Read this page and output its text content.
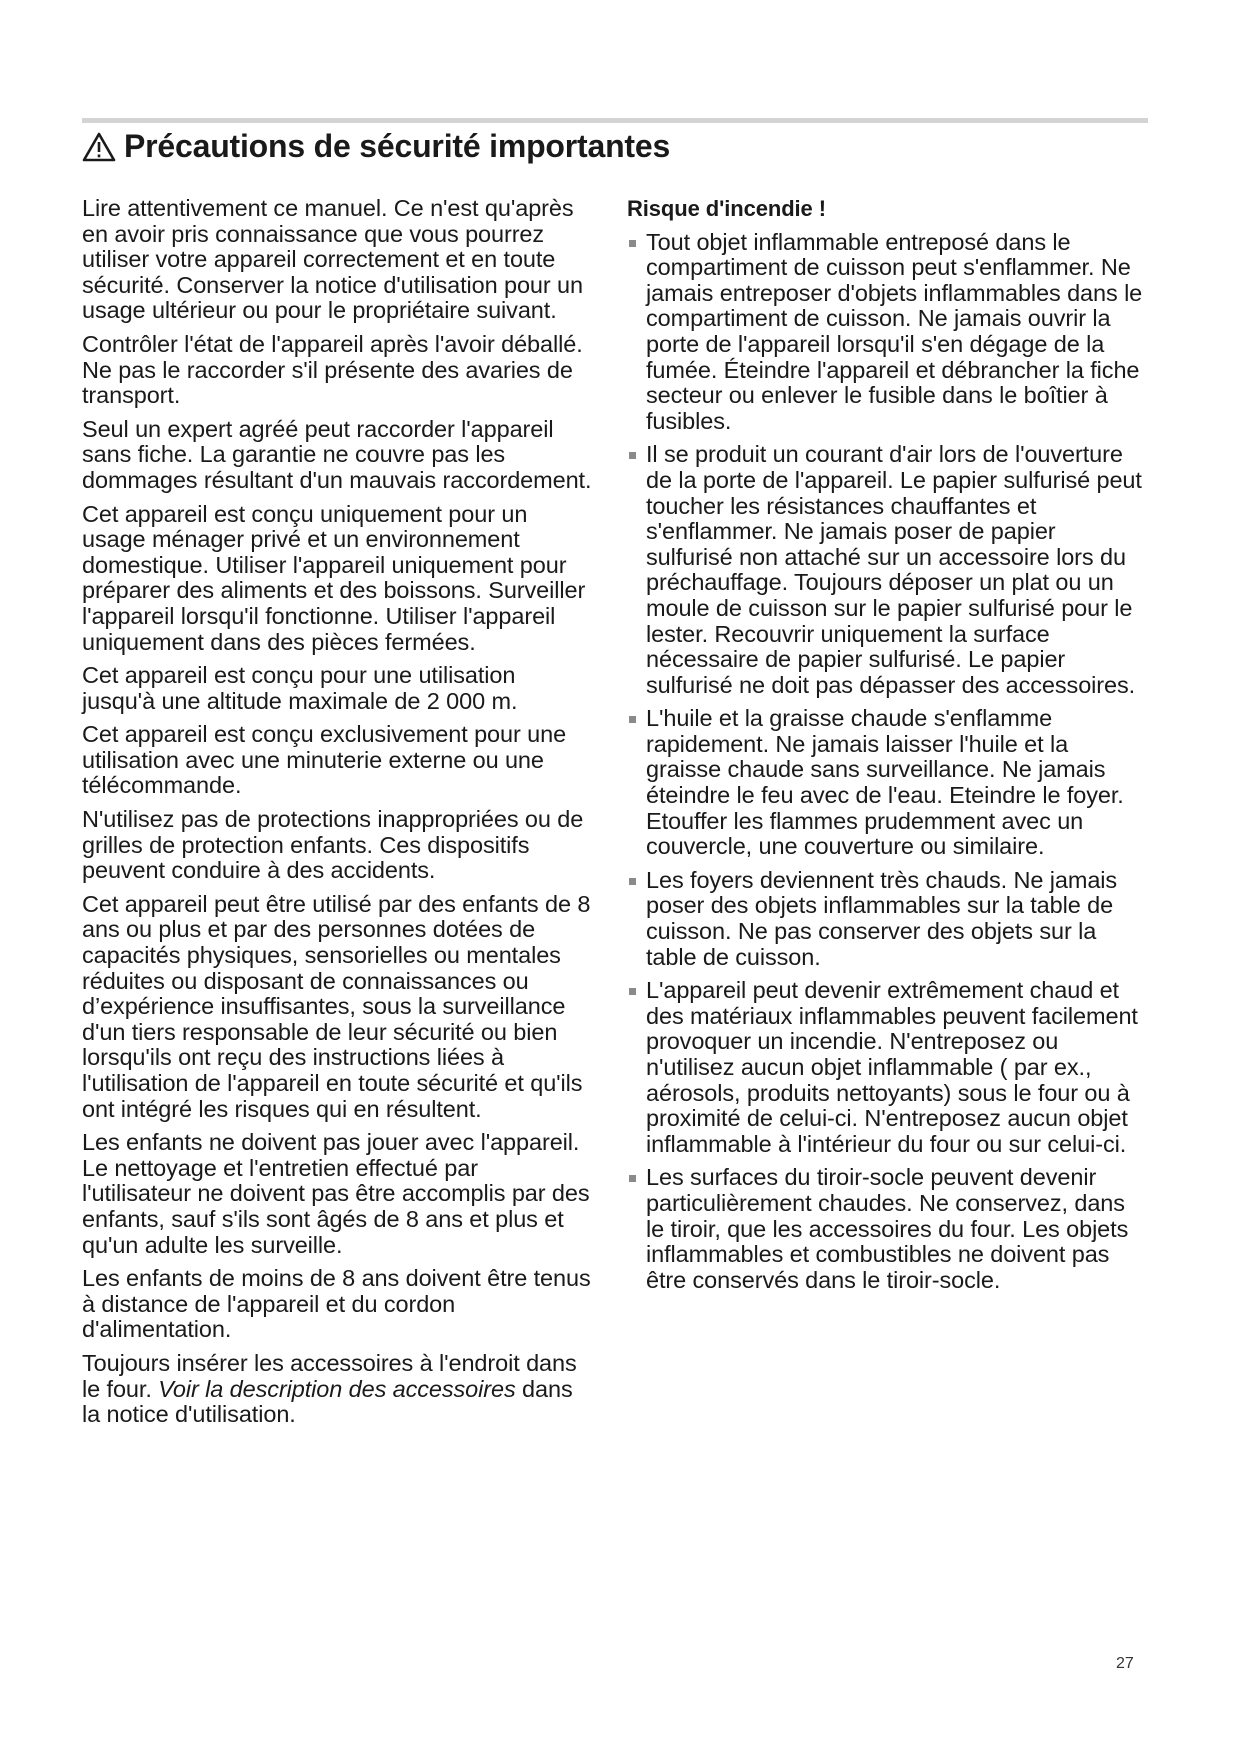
Précautions de sécurité importantes

Lire attentivement ce manuel. Ce n'est qu'après en avoir pris connaissance que vous pourrez utiliser votre appareil correctement et en toute sécurité. Conserver la notice d'utilisation pour un usage ultérieur ou pour le propriétaire suivant.

Contrôler l'état de l'appareil après l'avoir déballé. Ne pas le raccorder s'il présente des avaries de transport.

Seul un expert agréé peut raccorder l'appareil sans fiche. La garantie ne couvre pas les dommages résultant d'un mauvais raccordement.

Cet appareil est conçu uniquement pour un usage ménager privé et un environnement domestique. Utiliser l'appareil uniquement pour préparer des aliments et des boissons. Surveiller l'appareil lorsqu'il fonctionne. Utiliser l'appareil uniquement dans des pièces fermées.

Cet appareil est conçu pour une utilisation jusqu'à une altitude maximale de 2 000 m.

Cet appareil est conçu exclusivement pour une utilisation avec une minuterie externe ou une télécommande.

N'utilisez pas de protections inappropriées ou de grilles de protection enfants. Ces dispositifs peuvent conduire à des accidents.

Cet appareil peut être utilisé par des enfants de 8 ans ou plus et par des personnes dotées de capacités physiques, sensorielles ou mentales réduites ou disposant de connaissances ou d’expérience insuffisantes, sous la surveillance d'un tiers responsable de leur sécurité ou bien lorsqu'ils ont reçu des instructions liées à l'utilisation de l'appareil en toute sécurité et qu'ils ont intégré les risques qui en résultent.

Les enfants ne doivent pas jouer avec l'appareil. Le nettoyage et l'entretien effectué par l'utilisateur ne doivent pas être accomplis par des enfants, sauf s'ils sont âgés de 8 ans et plus et qu'un adulte les surveille.

Les enfants de moins de 8 ans doivent être tenus à distance de l'appareil et du cordon d'alimentation.

Toujours insérer les accessoires à l'endroit dans le four. Voir la description des accessoires dans la notice d'utilisation.

Risque d'incendie !

Tout objet inflammable entreposé dans le compartiment de cuisson peut s'enflammer. Ne jamais entreposer d'objets inflammables dans le compartiment de cuisson. Ne jamais ouvrir la porte de l'appareil lorsqu'il s'en dégage de la fumée. Éteindre l'appareil et débrancher la fiche secteur ou enlever le fusible dans le boîtier à fusibles.
Il se produit un courant d'air lors de l'ouverture de la porte de l'appareil. Le papier sulfurisé peut toucher les résistances chauffantes et s'enflammer. Ne jamais poser de papier sulfurisé non attaché sur un accessoire lors du préchauffage. Toujours déposer un plat ou un moule de cuisson sur le papier sulfurisé pour le lester. Recouvrir uniquement la surface nécessaire de papier sulfurisé. Le papier sulfurisé ne doit pas dépasser des accessoires.
L'huile et la graisse chaude s'enflamme rapidement. Ne jamais laisser l'huile et la graisse chaude sans surveillance. Ne jamais éteindre le feu avec de l'eau. Eteindre le foyer. Etouffer les flammes prudemment avec un couvercle, une couverture ou similaire.
Les foyers deviennent très chauds. Ne jamais poser des objets inflammables sur la table de cuisson. Ne pas conserver des objets sur la table de cuisson.
L'appareil peut devenir extrêmement chaud et des matériaux inflammables peuvent facilement provoquer un incendie. N'entreposez ou n'utilisez aucun objet inflammable ( par ex., aérosols, produits nettoyants) sous le four ou à proximité de celui-ci. N'entreposez aucun objet inflammable à l'intérieur du four ou sur celui-ci.
Les surfaces du tiroir-socle peuvent devenir particulièrement chaudes. Ne conservez, dans le tiroir, que les accessoires du four. Les objets inflammables et combustibles ne doivent pas être conservés dans le tiroir-socle.
27
